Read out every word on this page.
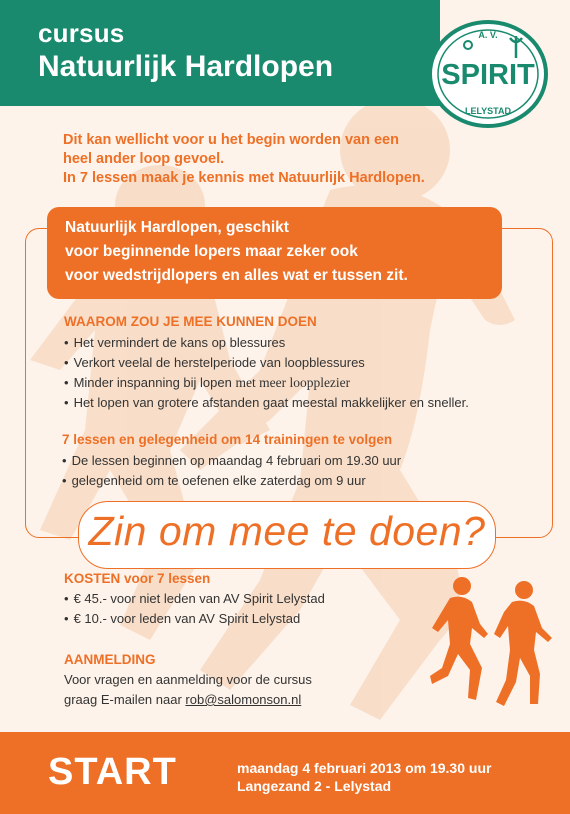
cursus
Natuurlijk Hardlopen
A. V.
SPIRIT
LELYSTAD
Dit kan wellicht voor u het begin worden van een
heel ander loop gevoel.
In 7 lessen maak je kennis met Natuurlijk Hardlopen.
Natuurlijk Hardlopen, geschikt
voor beginnende lopers maar zeker ook
voor wedstrijdlopers en alles wat er tussen zit.
WAAROM ZOU JE MEE KUNNEN DOEN
• Het vermindert de kans op blessures
• Verkort veelal de herstelperiode van loopblessures
• Minder inspanning bij lopen met meer loopplezier
• Het lopen van grotere afstanden gaat meestal makkelijker en sneller.
7 lessen en gelegenheid om 14 trainingen te volgen
• De lessen beginnen op maandag 4 februari om 19.30 uur
• gelegenheid om te oefenen elke zaterdag om 9 uur
Zin om mee te doen?
KOSTEN voor 7 lessen
• € 45.- voor niet leden van AV Spirit Lelystad
• € 10.- voor leden van AV Spirit Lelystad
AANMELDING
Voor vragen en aanmelding voor de cursus
graag E-mailen naar rob@salomonson.nl
START	maandag 4 februari 2013 om 19.30 uur
Langezand 2 - Lelystad
